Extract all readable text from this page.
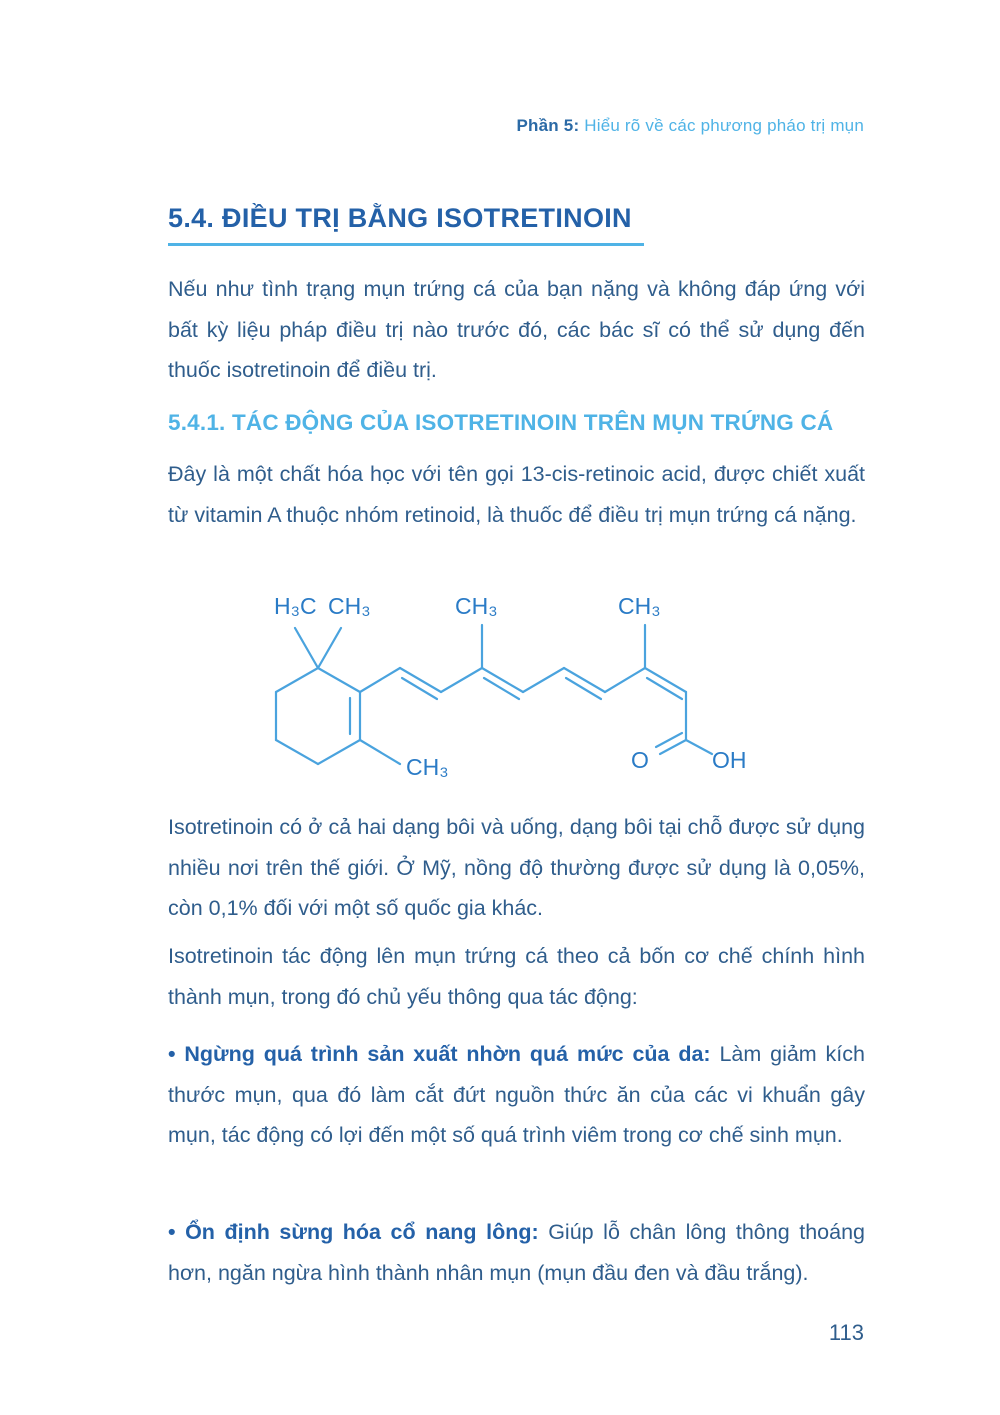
Phần 5: Hiểu rõ về các phương pháo trị mụn
5.4. ĐIỀU TRỊ BẰNG ISOTRETINOIN

Nếu như tình trạng mụn trứng cá của bạn nặng và không đáp ứng với bất kỳ liệu pháp điều trị nào trước đó, các bác sĩ có thể sử dụng đến thuốc isotretinoin để điều trị.

5.4.1. TÁC ĐỘNG CỦA ISOTRETINOIN TRÊN MỤN TRỨNG CÁ

Đây là một chất hóa học với tên gọi 13-cis-retinoic acid, được chiết xuất từ vitamin A thuộc nhóm retinoid, là thuốc để điều trị mụn trứng cá nặng.

H₃C CH₃	CH₃	CH₃
CH₃	O	OH

Isotretinoin có ở cả hai dạng bôi và uống, dạng bôi tại chỗ được sử dụng nhiều nơi trên thế giới. Ở Mỹ, nồng độ thường được sử dụng là 0,05%, còn 0,1% đối với một số quốc gia khác.

Isotretinoin tác động lên mụn trứng cá theo cả bốn cơ chế chính hình thành mụn, trong đó chủ yếu thông qua tác động:

• Ngừng quá trình sản xuất nhờn quá mức của da: Làm giảm kích thước mụn, qua đó làm cắt đứt nguồn thức ăn của các vi khuẩn gây mụn, tác động có lợi đến một số quá trình viêm trong cơ chế sinh mụn.

• Ổn định sừng hóa cổ nang lông: Giúp lỗ chân lông thông thoáng hơn, ngăn ngừa hình thành nhân mụn (mụn đầu đen và đầu trắng).

113
